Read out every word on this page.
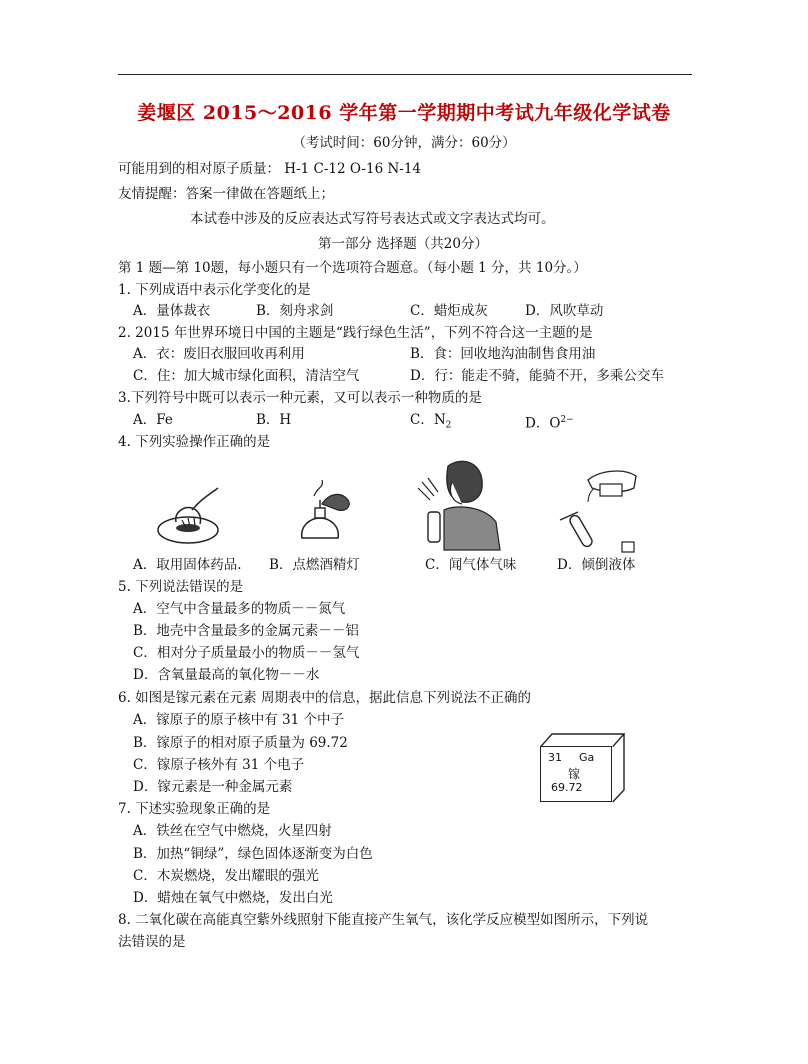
姜堰区 2015～2016 学年第一学期期中考试九年级化学试卷
（考试时间：60分钟，满分：60分）
可能用到的相对原子质量： H-1 C-12 O-16 N-14
友情提醒：答案一律做在答题纸上；
本试卷中涉及的反应表达式写符号表达式或文字表达式均可。
第一部分 选择题（共20分）
第 1 题—第 10题，每小题只有一个选项符合题意。（每小题 1 分，共 10分。）
1. 下列成语中表示化学变化的是
A．量体裁衣	B．刻舟求剑	C．蜡炬成灰	D．风吹草动
2. 2015 年世界环境日中国的主题是“践行绿色生活”，下列不符合这一主题的是
A．衣：废旧衣服回收再利用	B．食：回收地沟油制售食用油
C．住：加大城市绿化面积，清洁空气	D．行：能走不骑，能骑不开，多乘公交车
3.下列符号中既可以表示一种元素，又可以表示一种物质的是
A．Fe	B．H	C．$N_2$	D．$O^{2-}$
4. 下列实验操作正确的是
A．取用固体药品. B．点燃酒精灯	C．闻气体气味	D．倾倒液体
5. 下列说法错误的是
A．空气中含量最多的物质－－氮气
B．地壳中含量最多的金属元素－－铝
C．相对分子质量最小的物质－－氢气
D．含氧量最高的氧化物－－水
6. 如图是镓元素在元素 周期表中的信息，据此信息下列说法不正确的
A．镓原子的原子核中有 31 个中子
B．镓原子的相对原子质量为 69.72
C．镓原子核外有 31 个电子
D．镓元素是一种金属元素
31 Ga
镓
69.72
7. 下述实验现象正确的是
A．铁丝在空气中燃烧，火星四射
B．加热“铜绿”，绿色固体逐渐变为白色
C．木炭燃烧，发出耀眼的强光
D．蜡烛在氧气中燃烧，发出白光
8. 二氧化碳在高能真空紫外线照射下能直接产生氧气，该化学反应模型如图所示，下列说
法错误的是
